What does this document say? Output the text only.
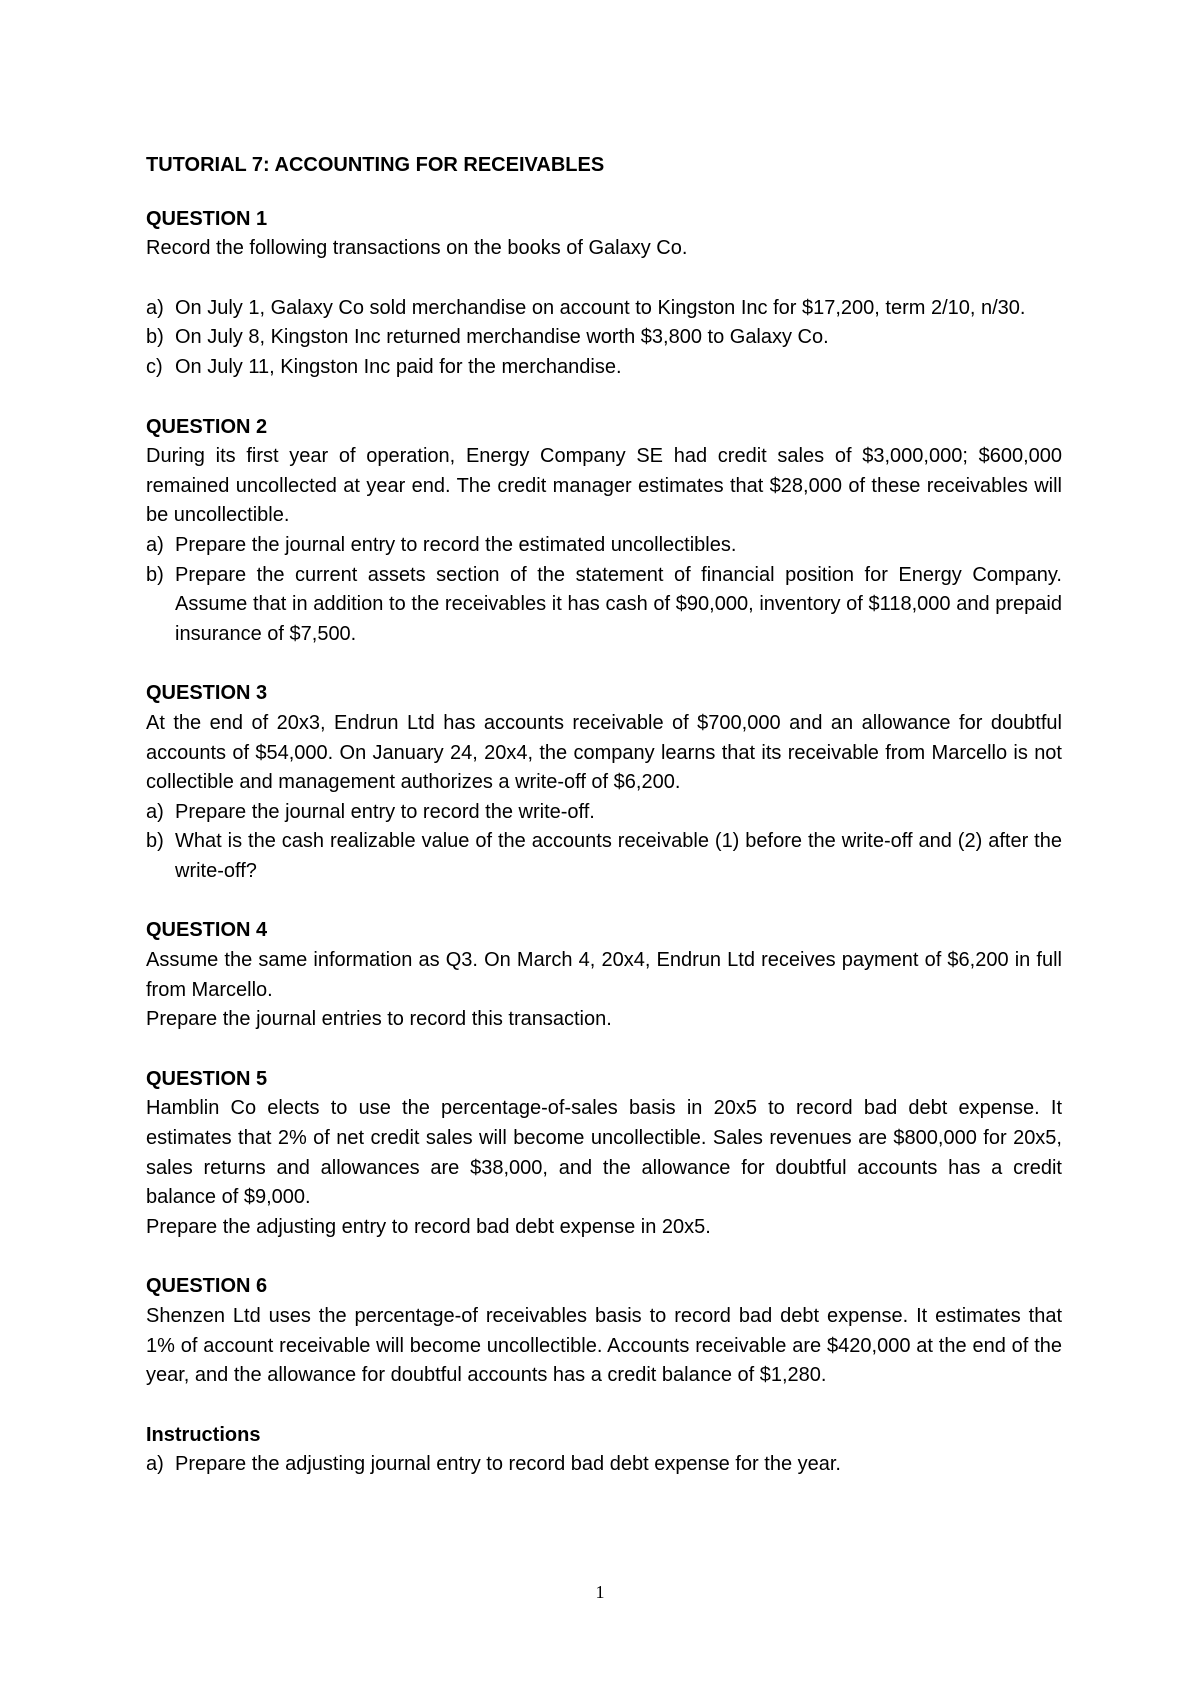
TUTORIAL 7: ACCOUNTING FOR RECEIVABLES

QUESTION 1

Record the following transactions on the books of Galaxy Co.

a) On July 1, Galaxy Co sold merchandise on account to Kingston Inc for $17,200, term 2/10, n/30.
b) On July 8, Kingston Inc returned merchandise worth $3,800 to Galaxy Co.
c) On July 11, Kingston Inc paid for the merchandise.

QUESTION 2

During its first year of operation, Energy Company SE had credit sales of $3,000,000; $600,000 remained uncollected at year end. The credit manager estimates that $28,000 of these receivables will be uncollectible.

a) Prepare the journal entry to record the estimated uncollectibles.
b) Prepare the current assets section of the statement of financial position for Energy Company. Assume that in addition to the receivables it has cash of $90,000, inventory of $118,000 and prepaid insurance of $7,500.

QUESTION 3

At the end of 20x3, Endrun Ltd has accounts receivable of $700,000 and an allowance for doubtful accounts of $54,000. On January 24, 20x4, the company learns that its receivable from Marcello is not collectible and management authorizes a write-off of $6,200.

a) Prepare the journal entry to record the write-off.
b) What is the cash realizable value of the accounts receivable (1) before the write-off and (2) after the write-off?

QUESTION 4

Assume the same information as Q3. On March 4, 20x4, Endrun Ltd receives payment of $6,200 in full from Marcello.

Prepare the journal entries to record this transaction.

QUESTION 5

Hamblin Co elects to use the percentage-of-sales basis in 20x5 to record bad debt expense. It estimates that 2% of net credit sales will become uncollectible. Sales revenues are $800,000 for 20x5, sales returns and allowances are $38,000, and the allowance for doubtful accounts has a credit balance of $9,000.

Prepare the adjusting entry to record bad debt expense in 20x5.

QUESTION 6

Shenzen Ltd uses the percentage-of receivables basis to record bad debt expense. It estimates that 1% of account receivable will become uncollectible. Accounts receivable are $420,000 at the end of the year, and the allowance for doubtful accounts has a credit balance of $1,280.

Instructions

a) Prepare the adjusting journal entry to record bad debt expense for the year.
1
